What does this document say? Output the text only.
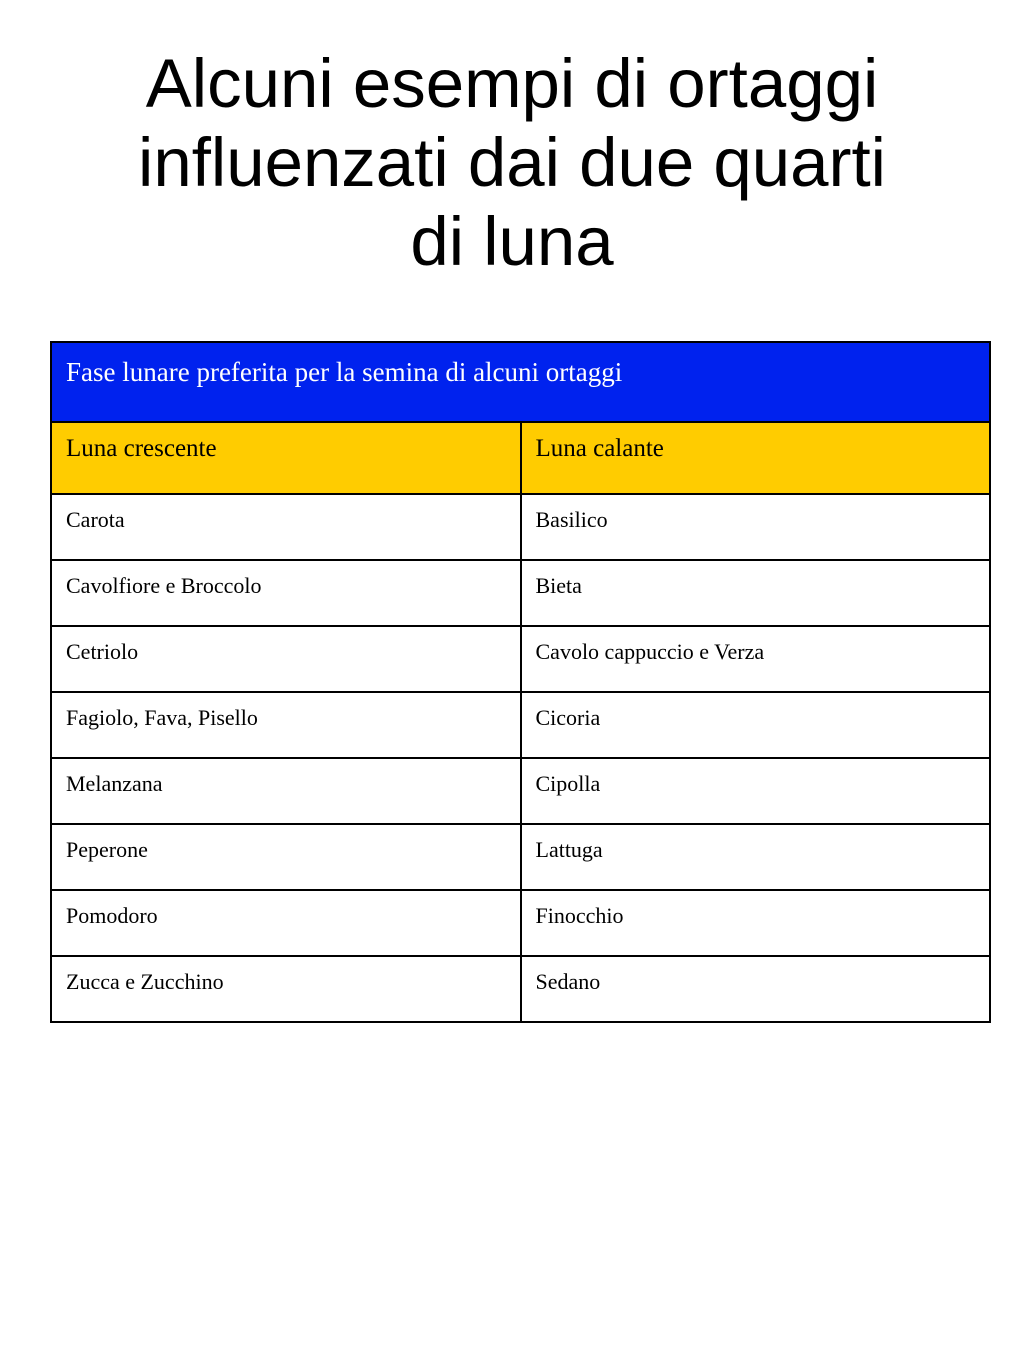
Alcuni esempi di ortaggi
influenzati dai due quarti
di luna
Fase lunare preferita per la semina di alcuni ortaggi	
Luna crescente	Luna calante
Carota	Basilico
Cavolfiore e Broccolo	Bieta
Cetriolo	Cavolo cappuccio e Verza
Fagiolo, Fava, Pisello	Cicoria
Melanzana	Cipolla
Peperone	Lattuga
Pomodoro	Finocchio
Zucca e Zucchino	Sedano
